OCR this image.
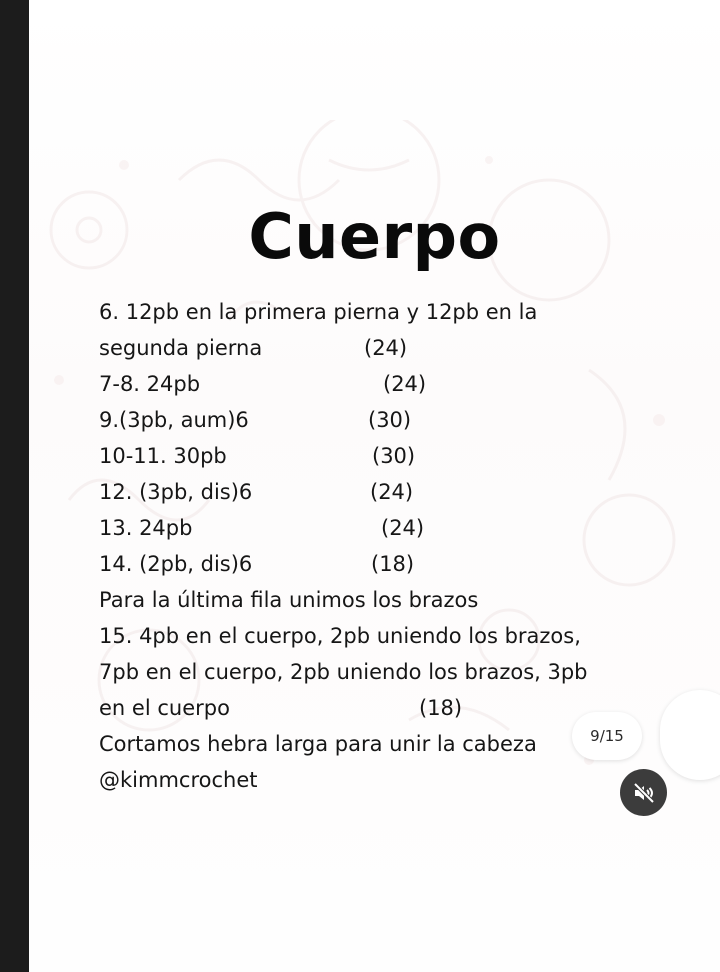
Cuerpo
6. 12pb en la primera pierna y 12pb en la
segunda pierna	(24)
7-8. 24pb	(24)
9.(3pb, aum)6	(30)
10-11. 30pb	(30)
12. (3pb, dis)6	(24)
13. 24pb	(24)
14. (2pb, dis)6	(18)
Para la última fila unimos los brazos
15. 4pb en el cuerpo, 2pb uniendo los brazos,
7pb en el cuerpo, 2pb uniendo los brazos, 3pb
en el cuerpo	(18)
Cortamos hebra larga para unir la cabeza
@kimmcrochet
9/15
